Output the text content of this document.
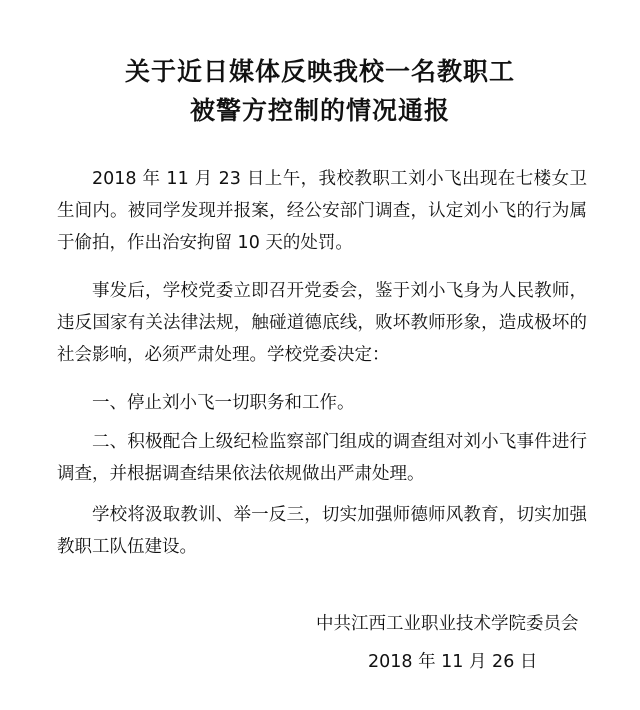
关于近日媒体反映我校一名教职工
被警方控制的情况通报
2018 年 11 月 23 日上午，我校教职工刘小飞出现在七楼女卫生间内。被同学发现并报案，经公安部门调查，认定刘小飞的行为属于偷拍，作出治安拘留 10 天的处罚。
事发后，学校党委立即召开党委会，鉴于刘小飞身为人民教师，违反国家有关法律法规，触碰道德底线，败坏教师形象，造成极坏的社会影响，必须严肃处理。学校党委决定：
一、停止刘小飞一切职务和工作。
二、积极配合上级纪检监察部门组成的调查组对刘小飞事件进行调查，并根据调查结果依法依规做出严肃处理。
学校将汲取教训、举一反三，切实加强师德师风教育，切实加强教职工队伍建设。
中共江西工业职业技术学院委员会
2018 年 11 月 26 日
